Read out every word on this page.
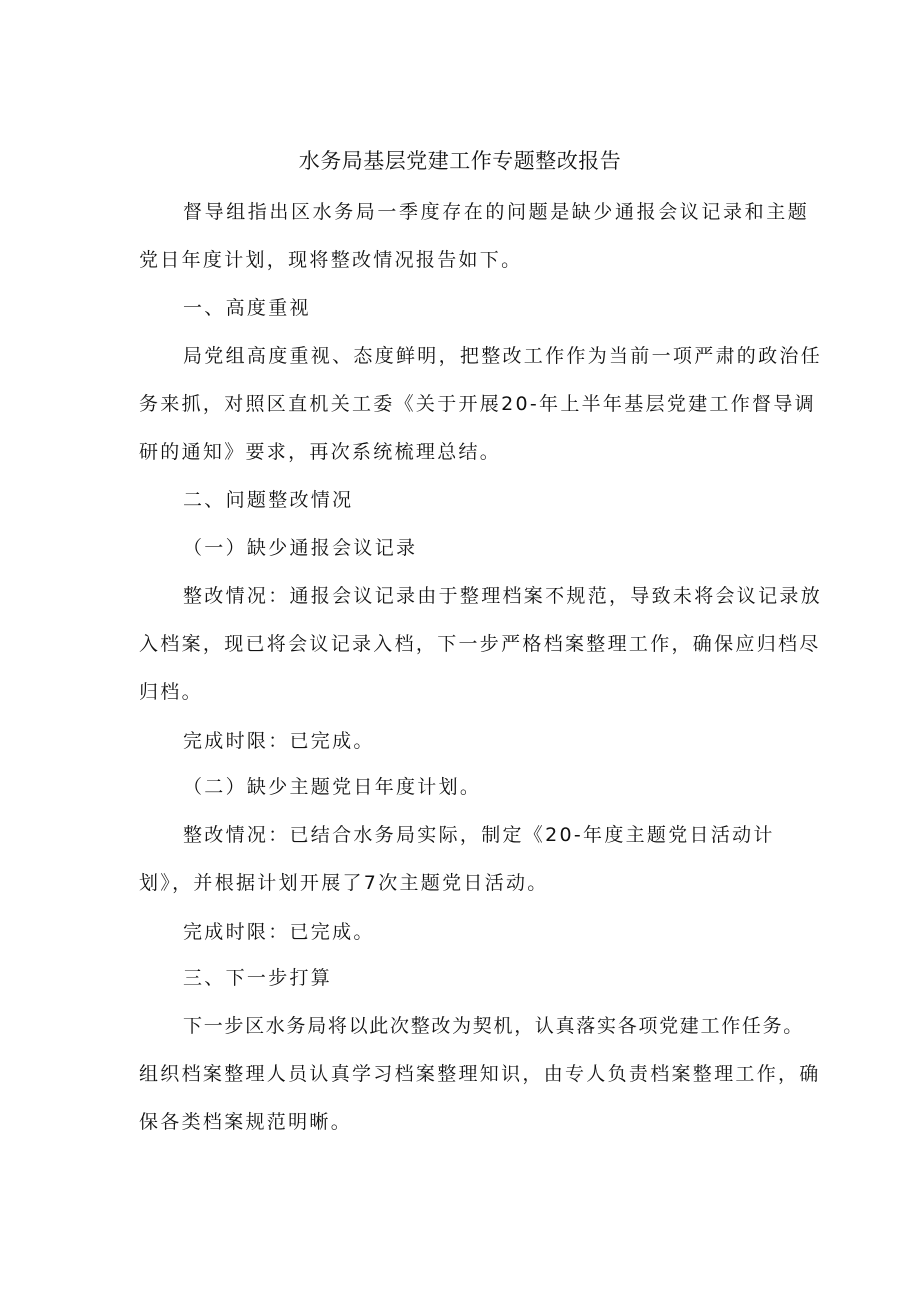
水务局基层党建工作专题整改报告

督导组指出区水务局一季度存在的问题是缺少通报会议记录和主题

党日年度计划，现将整改情况报告如下。

一、高度重视

局党组高度重视、态度鲜明，把整改工作作为当前一项严肃的政治任

务来抓，对照区直机关工委《关于开展20-年上半年基层党建工作督导调

研的通知》要求，再次系统梳理总结。

二、问题整改情况

（一）缺少通报会议记录

整改情况：通报会议记录由于整理档案不规范，导致未将会议记录放

入档案，现已将会议记录入档，下一步严格档案整理工作，确保应归档尽

归档。

完成时限：已完成。

（二）缺少主题党日年度计划。

整改情况：已结合水务局实际，制定《20-年度主题党日活动计

划》，并根据计划开展了7次主题党日活动。

完成时限：已完成。

三、下一步打算

下一步区水务局将以此次整改为契机，认真落实各项党建工作任务。

组织档案整理人员认真学习档案整理知识，由专人负责档案整理工作，确

保各类档案规范明晰。
